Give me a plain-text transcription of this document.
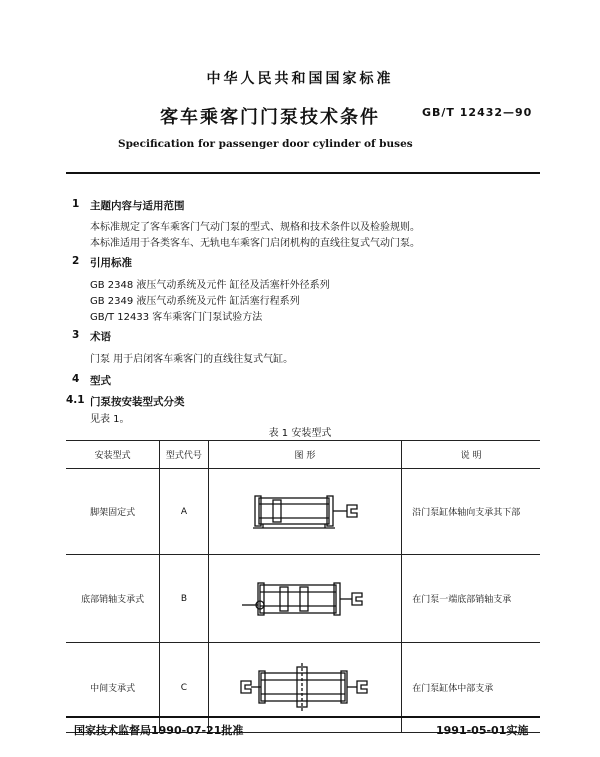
中华人民共和国国家标准
客车乘客门门泵技术条件	GB/T 12432—90
Specification for passenger door cylinder of buses
1 主题内容与适用范围
本标准规定了客车乘客门气动门泵的型式、规格和技术条件以及检验规则。
本标准适用于各类客车、无轨电车乘客门启闭机构的直线往复式气动门泵。
2 引用标准
GB 2348 液压气动系统及元件 缸径及活塞杆外径系列
GB 2349 液压气动系统及元件 缸活塞行程系列
GB/T 12433 客车乘客门门泵试验方法
3 术语
门泵 用于启闭客车乘客门的直线往复式气缸。
4 型式
4.1 门泵按安装型式分类
见表 1。
表 1 安装型式
安装型式	型式代号	图 形	说 明
脚架固定式	A		沿门泵缸体轴向支承其下部
底部销轴支承式	B		在门泵一端底部销轴支承
中间支承式	C		在门泵缸体中部支承
国家技术监督局1990-07-21批准	1991-05-01实施
